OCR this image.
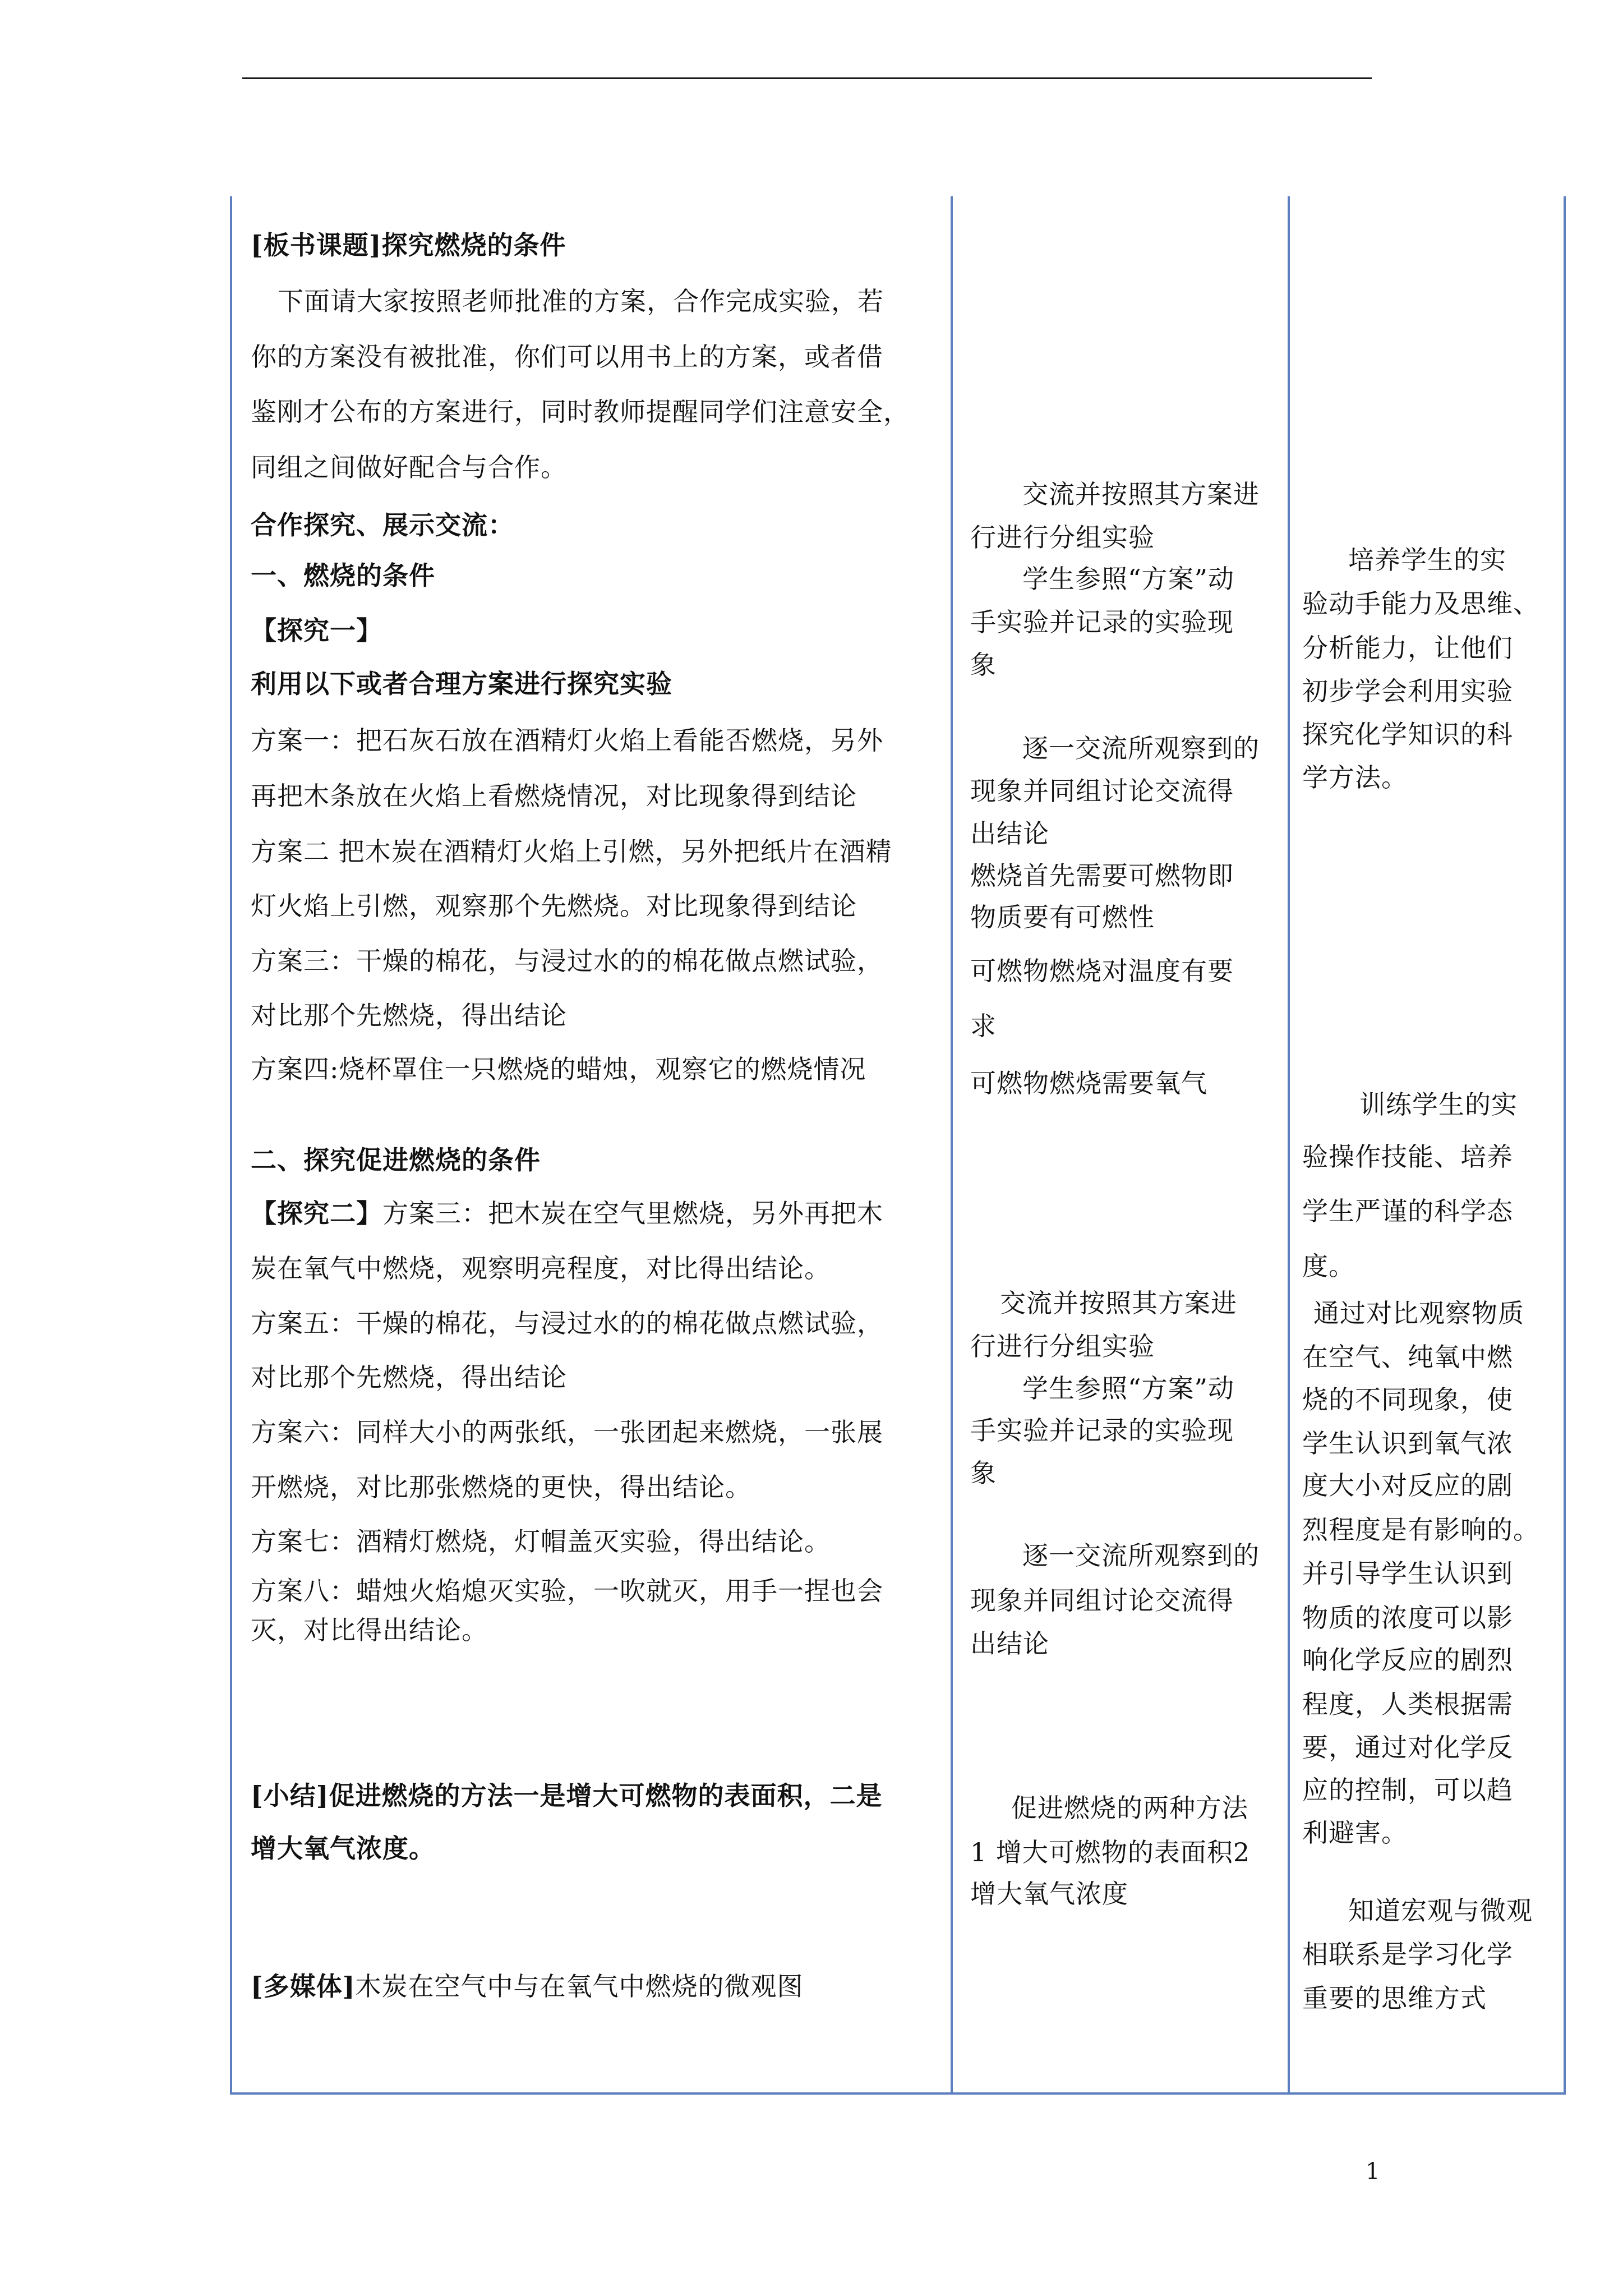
[板书课题]探究燃烧的条件
下面请大家按照老师批准的方案，合作完成实验，若
你的方案没有被批准，你们可以用书上的方案，或者借
鉴刚才公布的方案进行，同时教师提醒同学们注意安全，
同组之间做好配合与合作。
合作探究、展示交流：
一、燃烧的条件
【探究一】
利用以下或者合理方案进行探究实验
方案一：把石灰石放在酒精灯火焰上看能否燃烧，另外
再把木条放在火焰上看燃烧情况，对比现象得到结论
方案二 把木炭在酒精灯火焰上引燃，另外把纸片在酒精
灯火焰上引燃，观察那个先燃烧。对比现象得到结论
方案三：干燥的棉花，与浸过水的的棉花做点燃试验，
对比那个先燃烧，得出结论
方案四:烧杯罩住一只燃烧的蜡烛，观察它的燃烧情况
二、探究促进燃烧的条件
【探究二】方案三：把木炭在空气里燃烧，另外再把木
炭在氧气中燃烧，观察明亮程度，对比得出结论。
方案五：干燥的棉花，与浸过水的的棉花做点燃试验，
对比那个先燃烧，得出结论
方案六：同样大小的两张纸，一张团起来燃烧，一张展
开燃烧，对比那张燃烧的更快，得出结论。
方案七：酒精灯燃烧，灯帽盖灭实验，得出结论。
方案八：蜡烛火焰熄灭实验，一吹就灭，用手一捏也会
灭，对比得出结论。
[小结]促进燃烧的方法一是增大可燃物的表面积，二是
增大氧气浓度。
[多媒体]木炭在空气中与在氧气中燃烧的微观图
交流并按照其方案进
行进行分组实验
学生参照“方案”动
手实验并记录的实验现
象
逐一交流所观察到的
现象并同组讨论交流得
出结论
燃烧首先需要可燃物即
物质要有可燃性
可燃物燃烧对温度有要
求
可燃物燃烧需要氧气
交流并按照其方案进
行进行分组实验
学生参照“方案”动
手实验并记录的实验现
象
逐一交流所观察到的
现象并同组讨论交流得
出结论
促进燃烧的两种方法
1 增大可燃物的表面积2
增大氧气浓度
培养学生的实
验动手能力及思维、
分析能力，让他们
初步学会利用实验
探究化学知识的科
学方法。
训练学生的实
验操作技能、培养
学生严谨的科学态
度。
通过对比观察物质
在空气、纯氧中燃
烧的不同现象，使
学生认识到氧气浓
度大小对反应的剧
烈程度是有影响的。
并引导学生认识到
物质的浓度可以影
响化学反应的剧烈
程度，人类根据需
要，通过对化学反
应的控制，可以趋
利避害。
知道宏观与微观
相联系是学习化学
重要的思维方式
1
